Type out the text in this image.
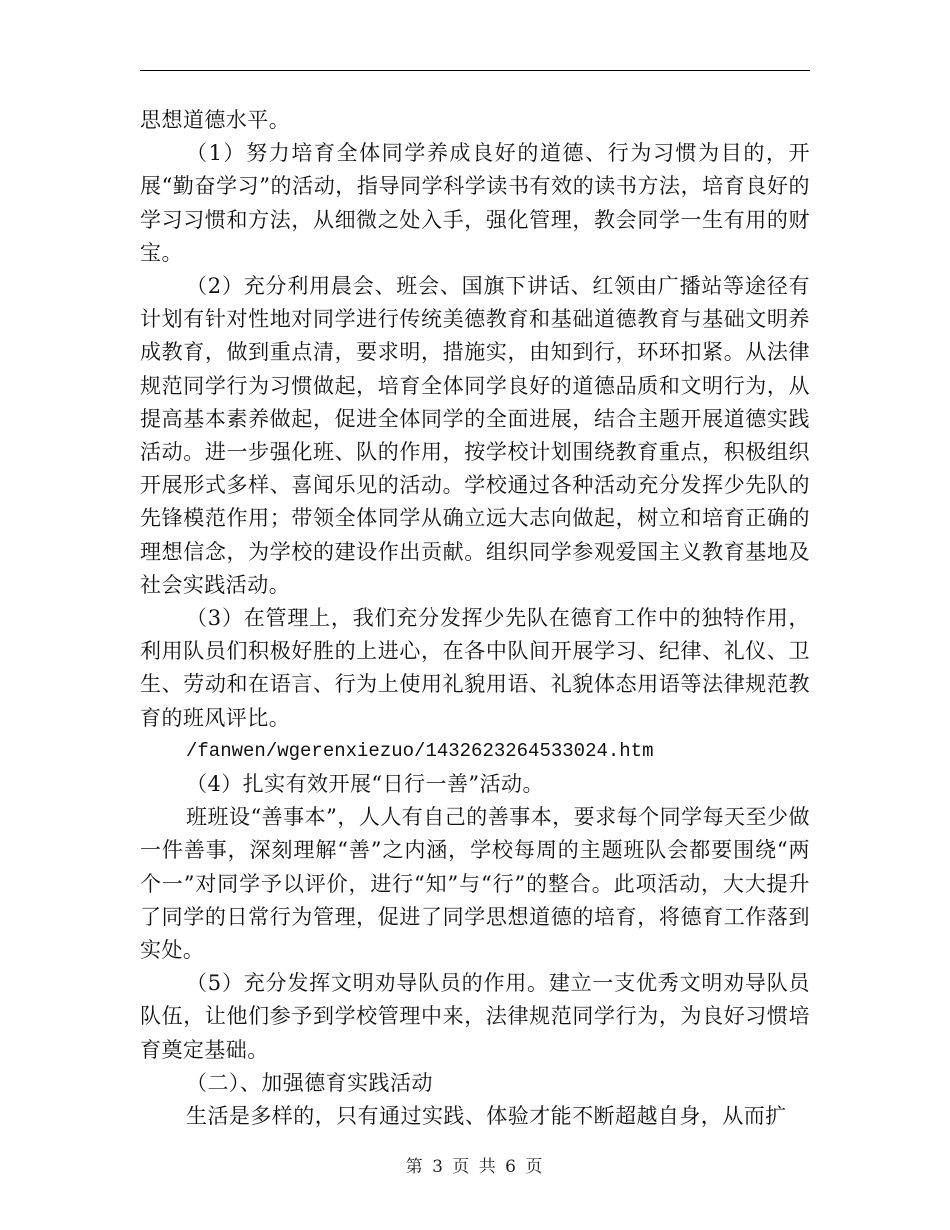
思想道德水平。

（1）努力培育全体同学养成良好的道德、行为习惯为目的，开展“勤奋学习”的活动，指导同学科学读书有效的读书方法，培育良好的学习习惯和方法，从细微之处入手，强化管理，教会同学一生有用的财宝。

（2）充分利用晨会、班会、国旗下讲话、红领由广播站等途径有计划有针对性地对同学进行传统美德教育和基础道德教育与基础文明养成教育，做到重点清，要求明，措施实，由知到行，环环扣紧。从法律规范同学行为习惯做起，培育全体同学良好的道德品质和文明行为，从提高基本素养做起，促进全体同学的全面进展，结合主题开展道德实践活动。进一步强化班、队的作用，按学校计划围绕教育重点，积极组织开展形式多样、喜闻乐见的活动。学校通过各种活动充分发挥少先队的先锋模范作用；带领全体同学从确立远大志向做起，树立和培育正确的理想信念，为学校的建设作出贡献。组织同学参观爱国主义教育基地及社会实践活动。

（3）在管理上，我们充分发挥少先队在德育工作中的独特作用，利用队员们积极好胜的上进心，在各中队间开展学习、纪律、礼仪、卫生、劳动和在语言、行为上使用礼貌用语、礼貌体态用语等法律规范教育的班风评比。

/fanwen/wgerenxiezuo/1432623264533024.htm

（4）扎实有效开展“日行一善”活动。

班班设“善事本”，人人有自己的善事本，要求每个同学每天至少做一件善事，深刻理解“善”之内涵，学校每周的主题班队会都要围绕“两个一”对同学予以评价，进行“知”与“行”的整合。此项活动，大大提升了同学的日常行为管理，促进了同学思想道德的培育，将德育工作落到实处。

（5）充分发挥文明劝导队员的作用。建立一支优秀文明劝导队员队伍，让他们参予到学校管理中来，法律规范同学行为，为良好习惯培育奠定基础。

（二）、加强德育实践活动

生活是多样的，只有通过实践、体验才能不断超越自身，从而扩

第 3 页 共 6 页
